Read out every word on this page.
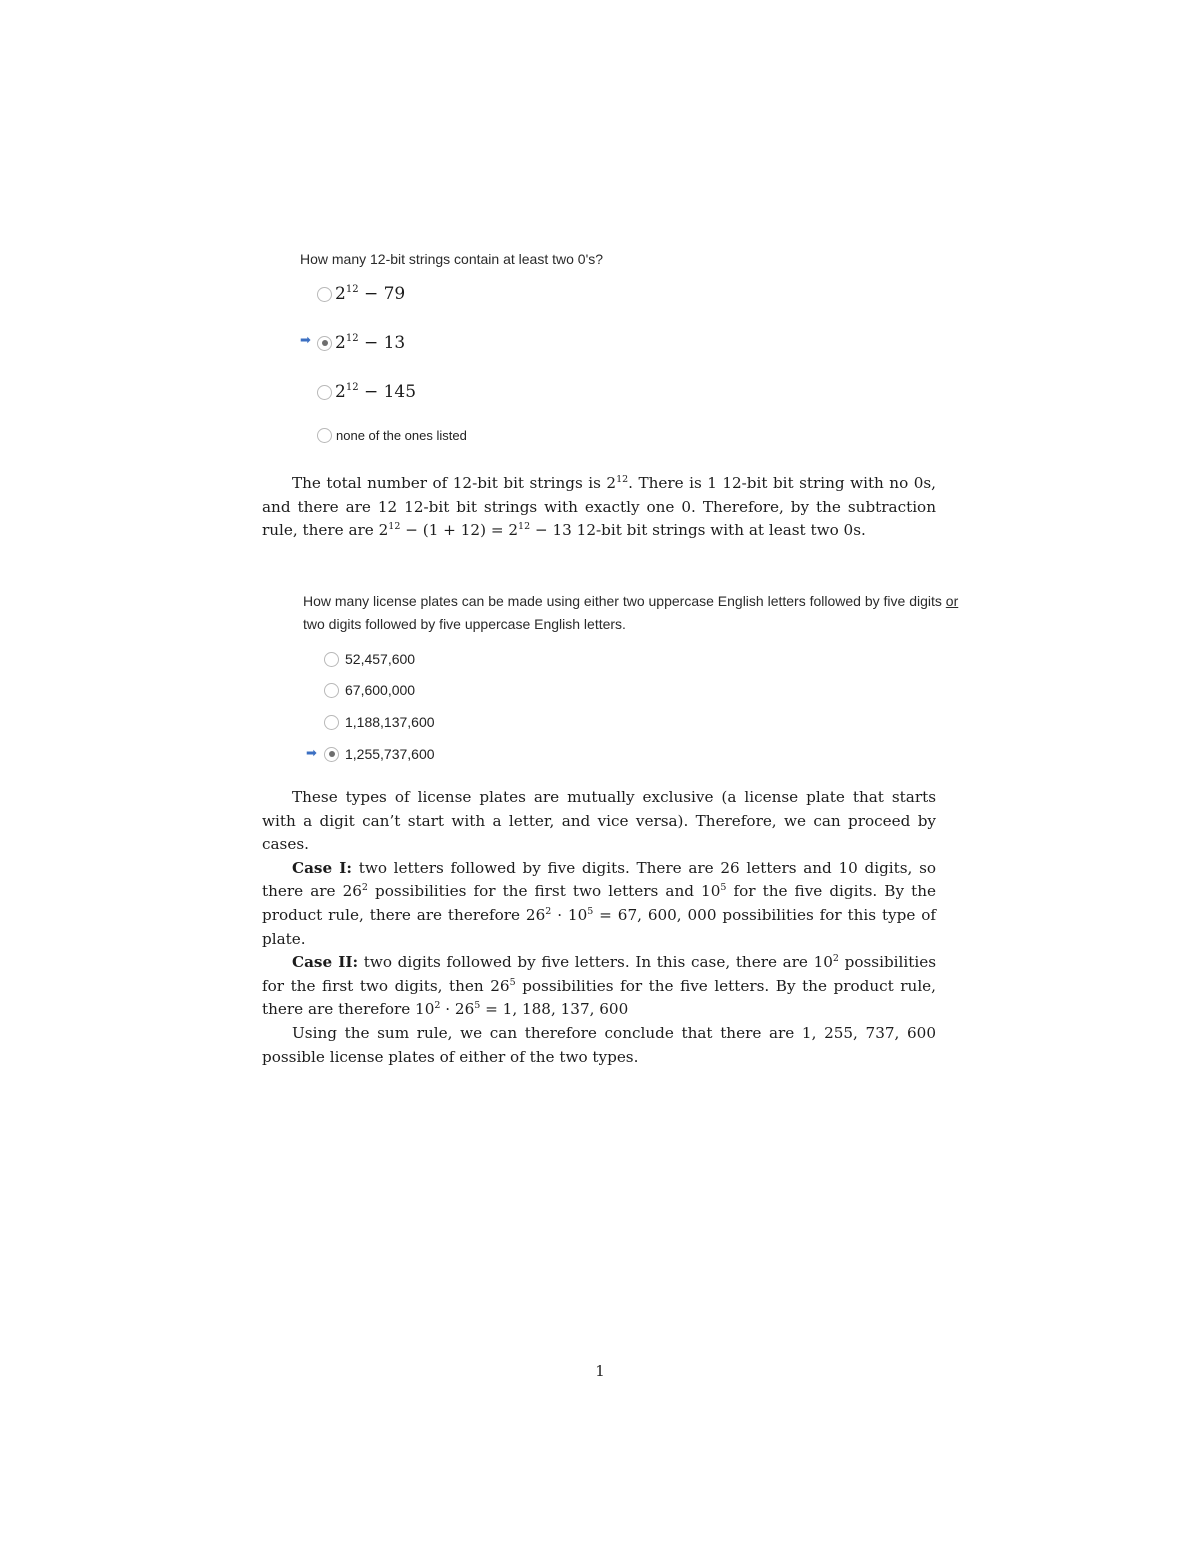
How many 12-bit strings contain at least two 0's?

$2^{12} - 79$
➡ $2^{12} - 13$
$2^{12} - 145$
none of the ones listed

The total number of 12-bit bit strings is $2^{12}$. There is 1 12-bit bit string with no 0s, and there are 12 12-bit bit strings with exactly one 0. Therefore, by the subtraction rule, there are $2^{12} - (1 + 12) = 2^{12} - 13$ 12-bit bit strings with at least two 0s.

How many license plates can be made using either two uppercase English letters followed by five digits or two digits followed by five uppercase English letters.

52,457,600
67,600,000
1,188,137,600
➡ 1,255,737,600

These types of license plates are mutually exclusive (a license plate that starts with a digit can’t start with a letter, and vice versa). Therefore, we can proceed by cases.

Case I: two letters followed by five digits. There are 26 letters and 10 digits, so there are $26^2$ possibilities for the first two letters and $10^5$ for the five digits. By the product rule, there are therefore $26^2 \cdot 10^5 = 67$, 600, 000 possibilities for this type of plate.

Case II: two digits followed by five letters. In this case, there are $10^2$ possibilities for the first two digits, then $26^5$ possibilities for the five letters. By the product rule, there are therefore $10^2 \cdot 26^5 = 1$, 188, 137, 600

Using the sum rule, we can therefore conclude that there are 1, 255, 737, 600 possible license plates of either of the two types.

1
